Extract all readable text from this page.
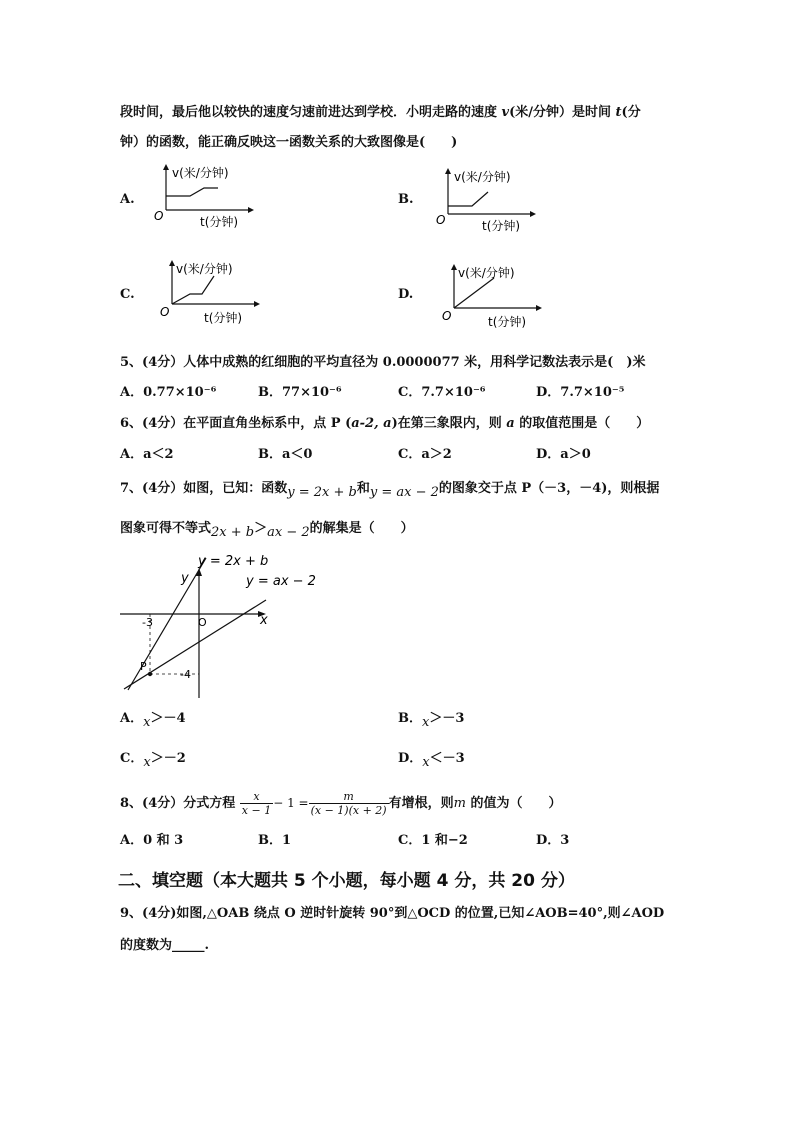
段时间，最后他以较快的速度匀速前进达到学校．小明走路的速度 v(米/分钟）是时间 t(分
钟）的函数，能正确反映这一函数关系的大致图像是(　　)
A.	B.
C.	D.
v(米/分钟)
t(分钟)
O
v(米/分钟)
t(分钟)
O
v(米/分钟)
t(分钟)
O
v(米/分钟)
t(分钟)
O
5、(4分）人体中成熟的红细胞的平均直径为 0.0000077 米，用科学记数法表示是(　)米
A．0.77×10⁻⁶	B．77×10⁻⁶	C．7.7×10⁻⁶	D．7.7×10⁻⁵
6、(4分）在平面直角坐标系中，点 P (a-2, a)在第三象限内，则 a 的取值范围是（　　）
A．a＜2	B．a＜0	C．a＞2	D．a＞0
7、(4分）如图，已知：函数y = 2x + b和y = ax − 2的图象交于点 P（－3，－4)，则根据
图象可得不等式2x + b＞ax − 2的解集是（　　）
y = 2x + b
y = ax − 2
y
x
O
-3
-4
P
A．x＞－4	B．x＞－3
C．x＞－2	D．x＜－3
8、(4分）分式方程 $\frac{x}{x - 1} - 1 = \frac{m}{(x - 1)(x + 2)}$ 有增根，则m 的值为（　　）
A．0 和 3	B．1	C．1 和−2	D．3
二、填空题（本大题共 5 个小题，每小题 4 分，共 20 分）
9、(4分)如图,△OAB 绕点 O 逆时针旋转 90°到△OCD 的位置,已知∠AOB=40°,则∠AOD
的度数为_____.
